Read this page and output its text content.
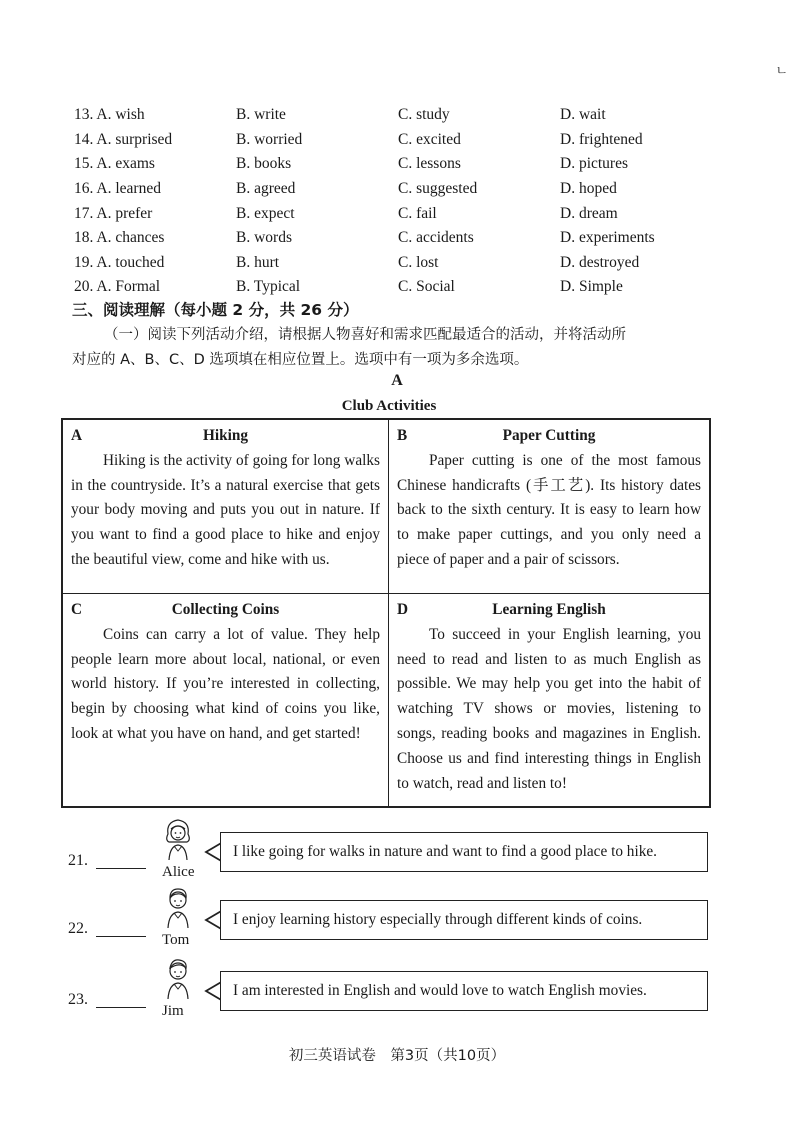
ㄴ
13. A. wish	B. write	C. study	D. wait
14. A. surprised	B. worried	C. excited	D. frightened
15. A. exams	B. books	C. lessons	D. pictures
16. A. learned	B. agreed	C. suggested	D. hoped
17. A. prefer	B. expect	C. fail	D. dream
18. A. chances	B. words	C. accidents	D. experiments
19. A. touched	B. hurt	C. lost	D. destroyed
20. A. Formal	B. Typical	C. Social	D. Simple
三、阅读理解（每小题 2 分，共 26 分）
（一）阅读下列活动介绍，请根据人物喜好和需求匹配最适合的活动，并将活动所
对应的 A、B、C、D 选项填在相应位置上。选项中有一项为多余选项。
A
Club Activities
A	Hiking
Hiking is the activity of going for long walks in the countryside. It’s a natural exercise that gets your body moving and puts you out in nature. If you want to find a good place to hike and enjoy the beautiful view, come and hike with us.
B	Paper Cutting
Paper cutting is one of the most famous Chinese handicrafts (手工艺). Its history dates back to the sixth century. It is easy to learn how to make paper cuttings, and you only need a piece of paper and a pair of scissors.
C	Collecting Coins
Coins can carry a lot of value. They help people learn more about local, national, or even world history. If you’re interested in collecting, begin by choosing what kind of coins you like, look at what you have on hand, and get started!
D	Learning English
To succeed in your English learning, you need to read and listen to as much English as possible. We may help you get into the habit of watching TV shows or movies, listening to songs, reading books and magazines in English. Choose us and find interesting things in English to watch, read and listen to!
21.
Alice
I like going for walks in nature and want to find a good place to hike.
22.
Tom
I enjoy learning history especially through different kinds of coins.
23.
Jim
I am interested in English and would love to watch English movies.
初三英语试卷　第3页（共10页）
